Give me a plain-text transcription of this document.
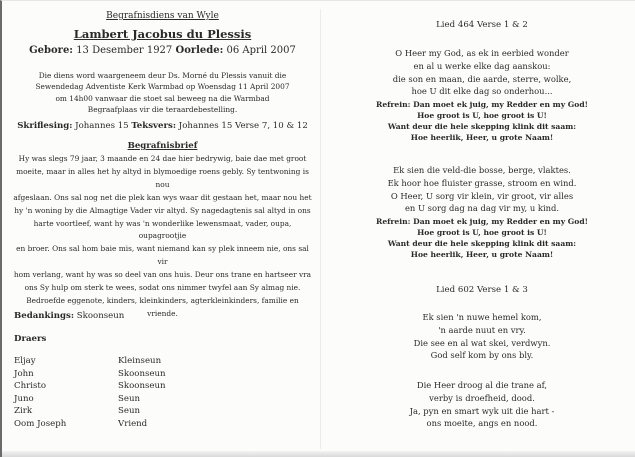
Begrafnisdiens van Wyle
Lambert Jacobus du Plessis
Gebore: 13 Desember 1927 Oorlede: 06 April 2007
Die diens word waargeneem deur Ds. Morné du Plessis vanuit die
Sewendedag Adventiste Kerk Warmbad op Woensdag 11 April 2007
om 14h00 vanwaar die stoet sal beweeg na die Warmbad
Begraafplaas vir die teraardebestelling.
Skriflesing: Johannes 15 Teksvers: Johannes 15 Verse 7, 10 & 12
Begrafnisbrief
Hy was slegs 79 jaar, 3 maande en 24 dae hier bedrywig, baie dae met groot
moeite, maar in alles het hy altyd in blymoedige roens gebly. Sy tentwoning is nou
afgeslaan. Ons sal nog net die plek kan wys waar dit gestaan het, maar nou het
hy 'n woning by die Almagtige Vader vir altyd. Sy nagedagtenis sal altyd in ons
harte voortleef, want hy was 'n wonderlike lewensmaat, vader, oupa, oupagrootjie
en broer. Ons sal hom baie mis, want niemand kan sy plek inneem nie, ons sal vir
hom verlang, want hy was so deel van ons huis. Deur ons trane en hartseer vra
ons Sy hulp om sterk te wees, sodat ons nimmer twyfel aan Sy almag nie.
Bedroefde eggenote, kinders, kleinkinders, agterkleinkinders, familie en vriende.
Bedankings: Skoonseun
Draers
Eljay	Kleinseun
John	Skoonseun
Christo	Skoonseun
Juno	Seun
Zirk	Seun
Oom Joseph	Vriend
Lied 464 Verse 1 & 2
O Heer my God, as ek in eerbied wonder
en al u werke elke dag aanskou:
die son en maan, die aarde, sterre, wolke,
hoe U dit elke dag so onderhou...
Refrein: Dan moet ek juig, my Redder en my God!
Hoe groot is U, hoe groot is U!
Want deur die hele skepping klink dit saam:
Hoe heerlik, Heer, u grote Naam!
Ek sien die veld-die bosse, berge, vlaktes.
Ek hoor hoe fluister grasse, stroom en wind.
O Heer, U sorg vir klein, vir groot, vir alles
en U sorg dag na dag vir my, u kind.
Refrein: Dan moet ek juig, my Redder en my God!
Hoe groot is U, hoe groot is U!
Want deur die hele skepping klink dit saam:
Hoe heerlik, Heer, u grote Naam!
Lied 602 Verse 1 & 3
Ek sien 'n nuwe hemel kom,
'n aarde nuut en vry.
Die see en al wat skei, verdwyn.
God self kom by ons bly.
Die Heer droog al die trane af,
verby is droefheid, dood.
Ja, pyn en smart wyk uit die hart -
ons moeite, angs en nood.
